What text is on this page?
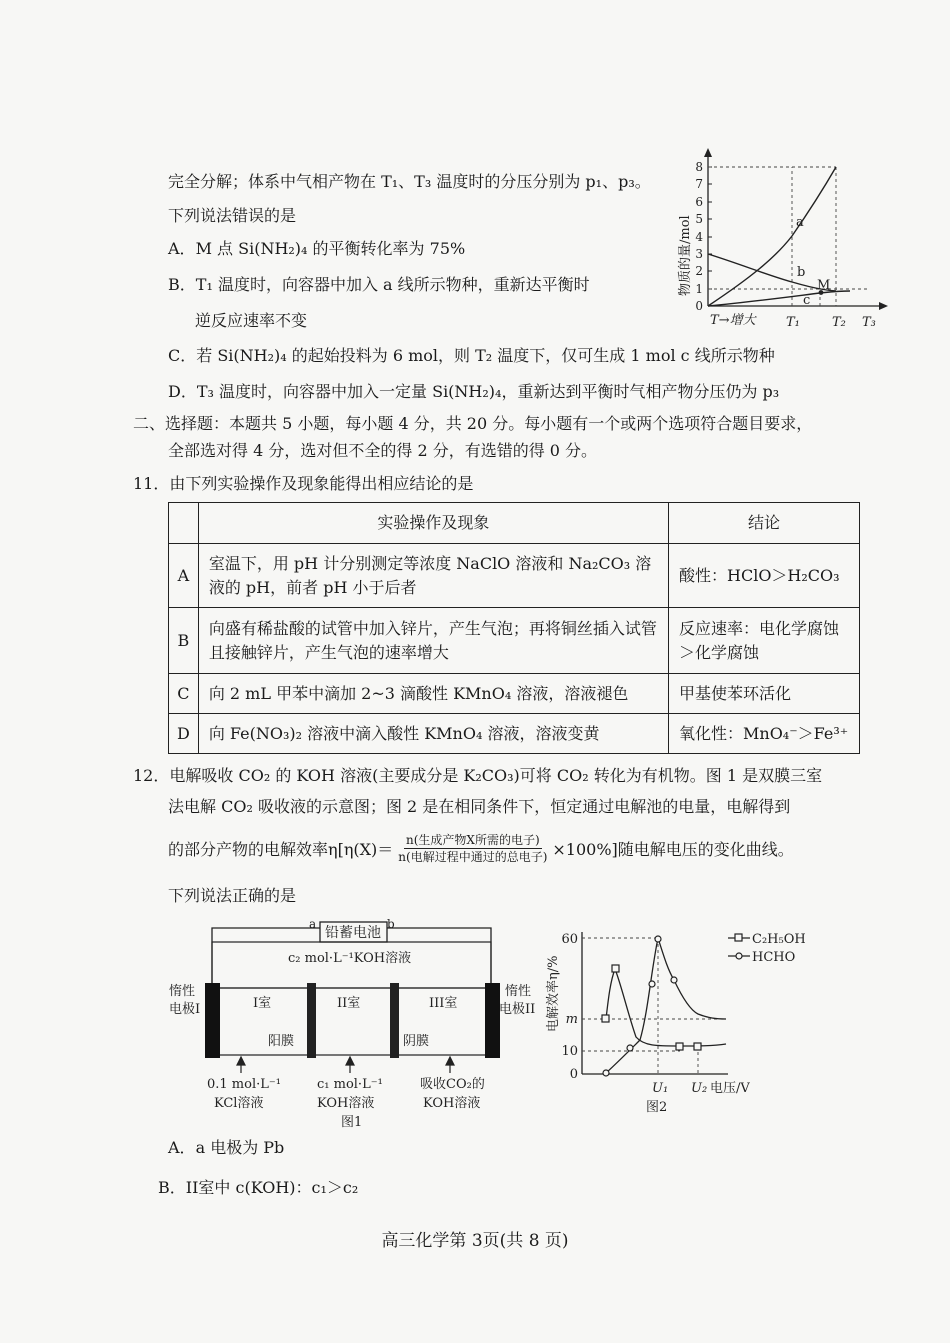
完全分解；体系中气相产物在 T₁、T₃ 温度时的分压分别为 p₁、p₃。
下列说法错误的是
A．M 点 Si(NH₂)₄ 的平衡转化率为 75%
B．T₁ 温度时，向容器中加入 a 线所示物种，重新达平衡时
逆反应速率不变
C．若 Si(NH₂)₄ 的起始投料为 6 mol，则 T₂ 温度下，仅可生成 1 mol c 线所示物种
D．T₃ 温度时，向容器中加入一定量 Si(NH₂)₄，重新达到平衡时气相产物分压仍为 p₃
0
1
2
3
4
5
6
7
8
物质的量/mol	a
b
c
M
T→增大 T₁ T₂ T₃
二、选择题：本题共 5 小题，每小题 4 分，共 20 分。每小题有一个或两个选项符合题目要求，
全部选对得 4 分，选对但不全的得 2 分，有选错的得 0 分。
11．由下列实验操作及现象能得出相应结论的是
	实验操作及现象	结论
A	室温下，用 pH 计分别测定等浓度 NaClO 溶液和 Na₂CO₃ 溶液的 pH，前者 pH 小于后者	酸性：HClO＞H₂CO₃
B	向盛有稀盐酸的试管中加入锌片，产生气泡；再将铜丝插入试管且接触锌片，产生气泡的速率增大	反应速率：电化学腐蚀＞化学腐蚀
C	向 2 mL 甲苯中滴加 2~3 滴酸性 KMnO₄ 溶液，溶液褪色	甲基使苯环活化
D	向 Fe(NO₃)₂ 溶液中滴入酸性 KMnO₄ 溶液，溶液变黄	氧化性：MnO₄⁻＞Fe³⁺
12．电解吸收 CO₂ 的 KOH 溶液(主要成分是 K₂CO₃)可将 CO₂ 转化为有机物。图 1 是双膜三室
法电解 CO₂ 吸收液的示意图；图 2 是在相同条件下，恒定通过电解池的电量，电解得到
的部分产物的电解效率η[η(X)＝ n(生成产物X所需的电子)
n(电解过程中通过的总电子) ×100%]随电解电压的变化曲线。
下列说法正确的是
铅蓄电池
a	b
c₂ mol·L⁻¹KOH溶液
I室	II室	III室
阳膜	阴膜
惰性
电极I
惰性
电极II
0.1 mol·L⁻¹
KCl溶液
c₁ mol·L⁻¹
KOH溶液
吸收CO₂的
KOH溶液
图1
电解效率η/%
60
m
10
0
C₂H₅OH
HCHO
U₁ U₂ 电压/V
图2
A．a 电极为 Pb
B．II室中 c(KOH)：c₁＞c₂
高三化学第 3页(共 8 页)
